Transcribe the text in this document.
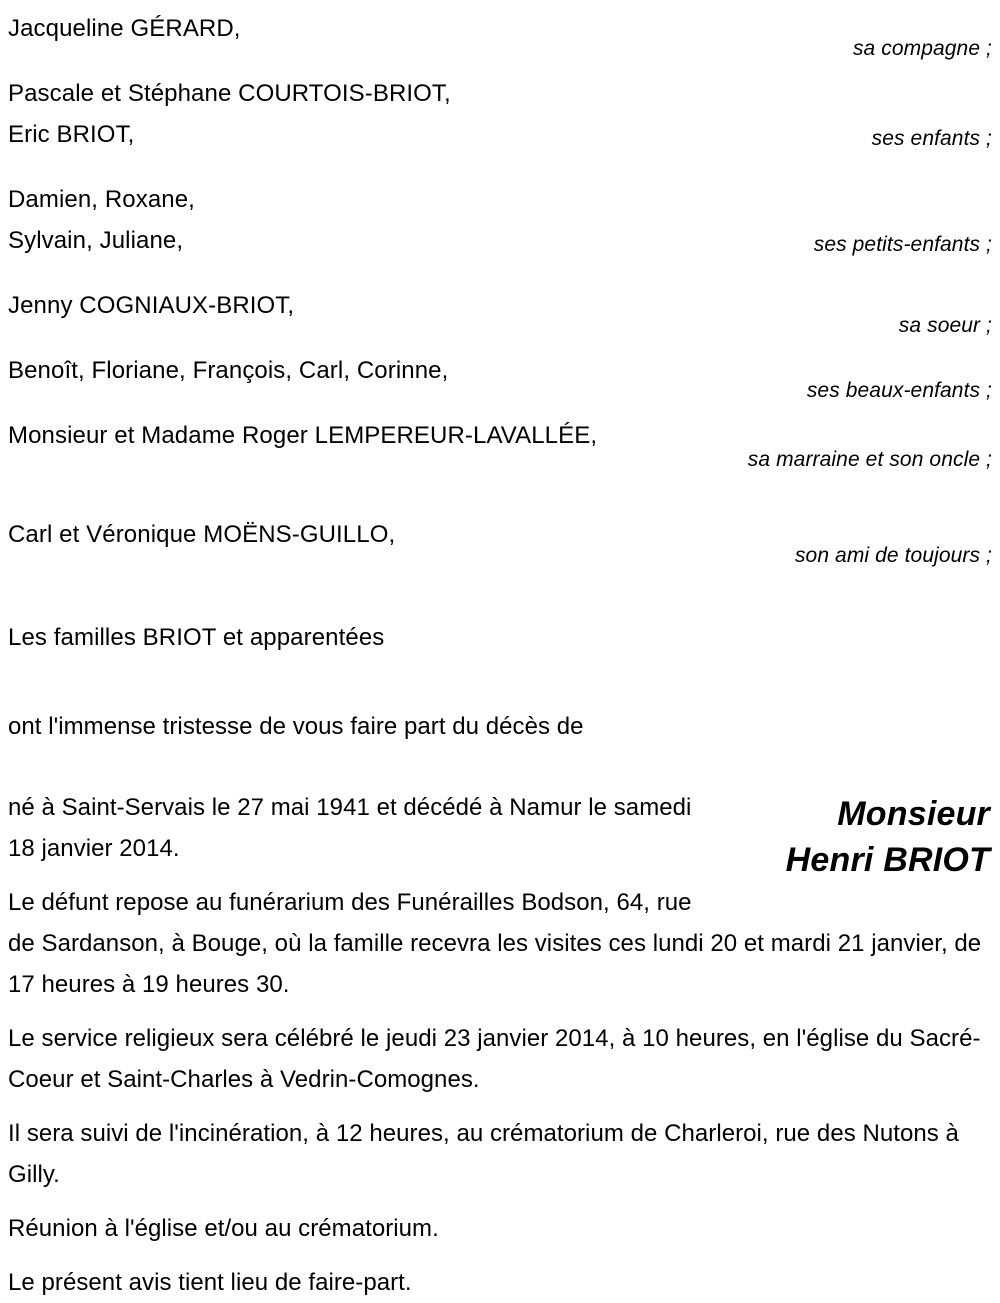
Jacqueline GÉRARD,
sa compagne ;
Pascale et Stéphane COURTOIS-BRIOT,
Eric BRIOT,	ses enfants ;
Damien, Roxane,
Sylvain, Juliane,	ses petits-enfants ;
Jenny COGNIAUX-BRIOT,
sa soeur ;
Benoît, Floriane, François, Carl, Corinne,
ses beaux-enfants ;
Monsieur et Madame Roger LEMPEREUR-LAVALLÉE,
sa marraine et son oncle ;
Carl et Véronique MOËNS-GUILLO,
son ami de toujours ;
Les familles BRIOT et apparentées

ont l'immense tristesse de vous faire part du décès de

Monsieur
Henri BRIOT

né à Saint-Servais le 27 mai 1941 et décédé à Namur le samedi 18 janvier 2014.

Le défunt repose au funérarium des Funérailles Bodson, 64, rue de Sardanson, à Bouge, où la famille recevra les visites ces lundi 20 et mardi 21 janvier, de 17 heures à 19 heures 30.

Le service religieux sera célébré le jeudi 23 janvier 2014, à 10 heures, en l'église du Sacré-Coeur et Saint-Charles à Vedrin-Comognes.

Il sera suivi de l'incinération, à 12 heures, au crématorium de Charleroi, rue des Nutons à Gilly.

Réunion à l'église et/ou au crématorium.

Le présent avis tient lieu de faire-part.
